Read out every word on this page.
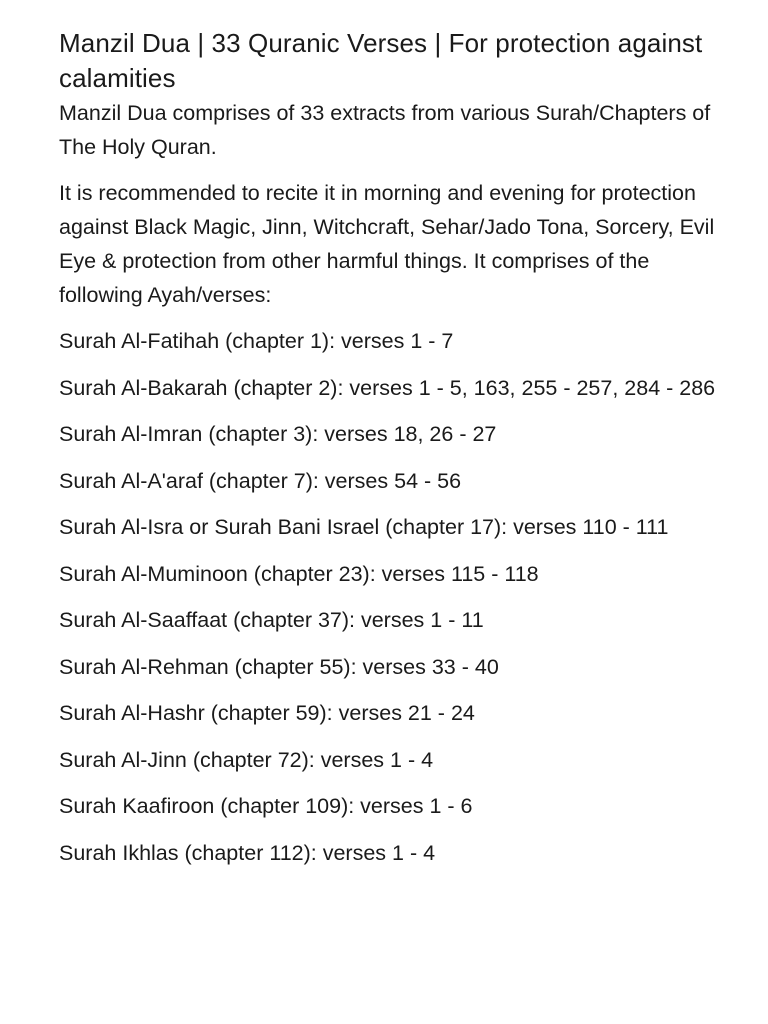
Manzil Dua | 33 Quranic Verses | For protection against calamities

Manzil Dua comprises of 33 extracts from various Surah/Chapters of The Holy Quran.

It is recommended to recite it in morning and evening for protection against Black Magic, Jinn, Witchcraft, Sehar/Jado Tona, Sorcery, Evil Eye & protection from other harmful things. It comprises of the following Ayah/verses:

Surah Al-Fatihah (chapter 1): verses 1 - 7
Surah Al-Bakarah (chapter 2): verses 1 - 5, 163, 255 - 257, 284 - 286
Surah Al-Imran (chapter 3): verses 18, 26 - 27
Surah Al-A'araf (chapter 7): verses 54 - 56
Surah Al-Isra or Surah Bani Israel (chapter 17): verses 110 - 111
Surah Al-Muminoon (chapter 23): verses 115 - 118
Surah Al-Saaffaat (chapter 37): verses 1 - 11
Surah Al-Rehman (chapter 55): verses 33 - 40
Surah Al-Hashr (chapter 59): verses 21 - 24
Surah Al-Jinn (chapter 72): verses 1 - 4
Surah Kaafiroon (chapter 109): verses 1 - 6
Surah Ikhlas (chapter 112): verses 1 - 4
